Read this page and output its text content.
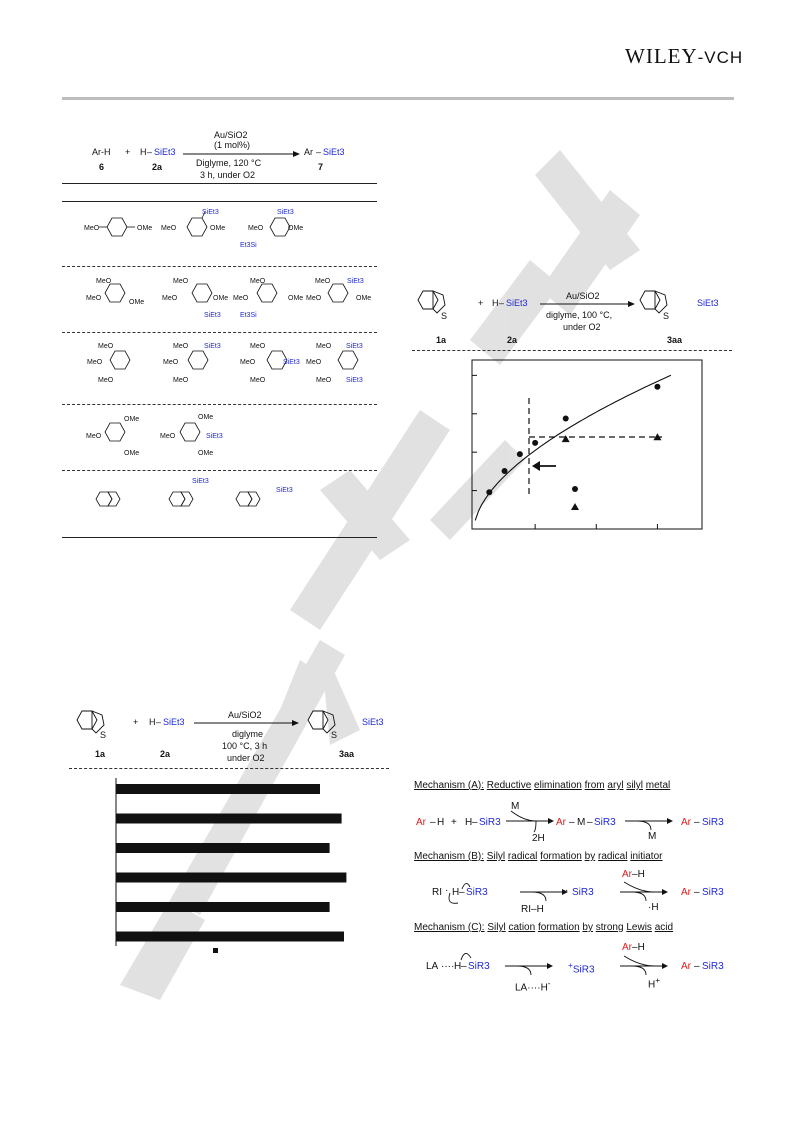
WILEY-VCH
Ar-H + H – SiEt3
Au/SiO2
(1 mol%)
Diglyme, 120 °C
3 h, under O2
Ar – SiEt3
6	2a	7
MeO	OMe
SiEt3
MeO	OMe
SiEt3
MeO	OMe
Et3Si
MeO
MeO
OMe
MeO
MeO	OMe
SiEt3
MeO
MeO	OMe
Et3Si
MeO SiEt3
MeO	OMe
MeO
MeO
MeO
MeO SiEt3
MeO
MeO
MeO
MeO	SiEt3
MeO
MeO SiEt3
MeO
MeO SiEt3
OMe
MeO
OMe
OMe
MeO	SiEt3
OMe
SiEt3
SiEt3
S
+ H – SiEt3
Au/SiO2
diglyme, 100 °C,
under O2
S
SiEt3
1a	2a	3aa
S
+ H – SiEt3
Au/SiO2
diglyme
100 °C, 3 h
under O2
S
SiEt3
1a	2a	3aa
Mechanism (A): Reductive elimination from aryl silyl metal
Ar – H + H – SiR3
M
2H
Ar – M – SiR3
M
Ar – SiR3
Mechanism (B): Silyl radical formation by radical initiator
RI · H – SiR3
RI–H
· SiR3
Ar–H
·H
Ar – SiR3
Mechanism (C): Silyl cation formation by strong Lewis acid
LA ···· H – SiR3
LA····H-
+SiR3
Ar–H
H+
Ar – SiR3
